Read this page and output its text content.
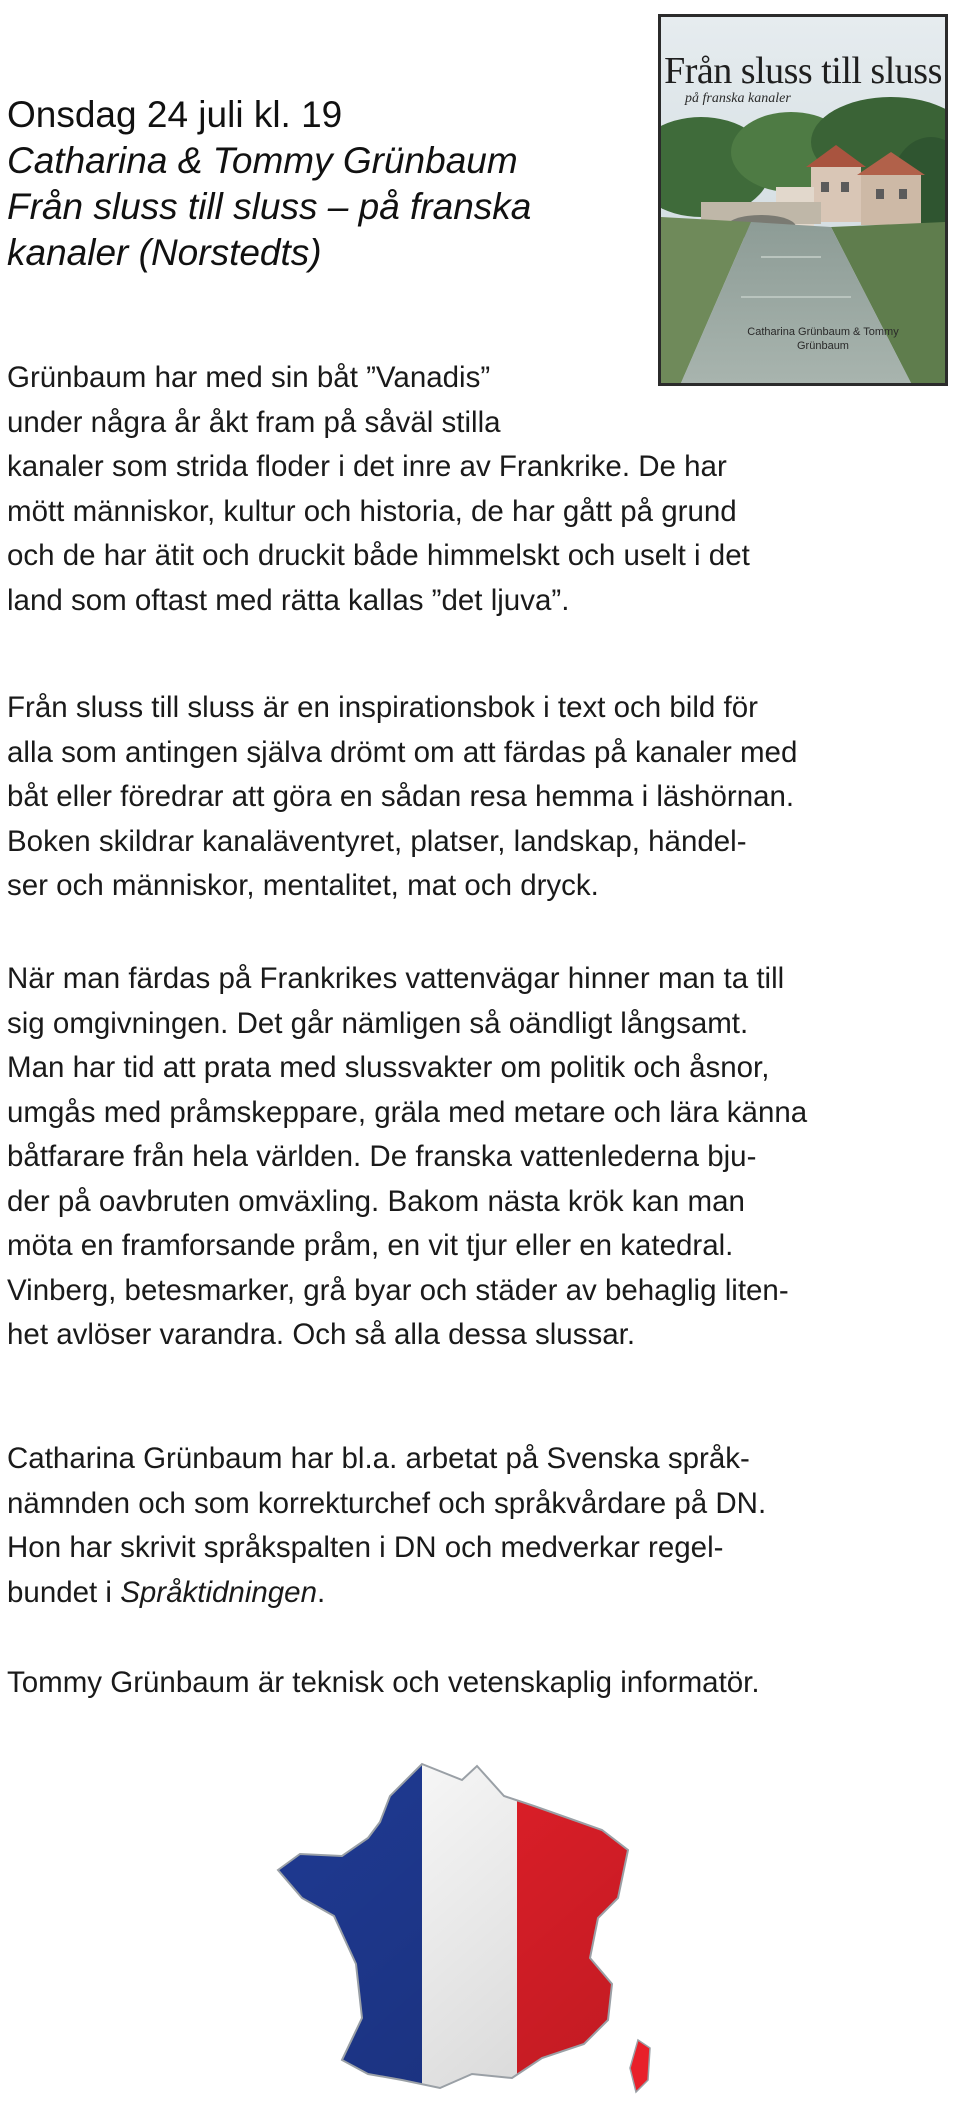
Från sluss till sluss
på franska kanaler
Catharina Grünbaum & Tommy Grünbaum
Onsdag 24 juli kl. 19
Catharina & Tommy Grünbaum
Från sluss till sluss – på franska
kanaler (Norstedts)
Grünbaum har med sin båt ”Vanadis”
under några år åkt fram på såväl stilla
kanaler som strida floder i det inre av Frankrike. De har
mött människor, kultur och historia, de har gått på grund
och de har ätit och druckit både himmelskt och uselt i det
land som oftast med rätta kallas ”det ljuva”.
Från sluss till sluss är en inspirationsbok i text och bild för
alla som antingen själva drömt om att färdas på kanaler med
båt eller föredrar att göra en sådan resa hemma i läshörnan.
Boken skildrar kanaläventyret, platser, landskap, händel-
ser och människor, mentalitet, mat och dryck.
När man färdas på Frankrikes vattenvägar hinner man ta till
sig omgivningen. Det går nämligen så oändligt långsamt.
Man har tid att prata med slussvakter om politik och åsnor,
umgås med pråmskeppare, gräla med metare och lära känna
båtfarare från hela världen. De franska vattenlederna bju-
der på oavbruten omväxling. Bakom nästa krök kan man
möta en framforsande pråm, en vit tjur eller en katedral.
Vinberg, betesmarker, grå byar och städer av behaglig liten-
het avlöser varandra. Och så alla dessa slussar.
Catharina Grünbaum har bl.a. arbetat på Svenska språk-
nämnden och som korrekturchef och språkvårdare på DN.
Hon har skrivit språkspalten i DN och medverkar regel-
bundet i Språktidningen.
Tommy Grünbaum är teknisk och vetenskaplig informatör.
